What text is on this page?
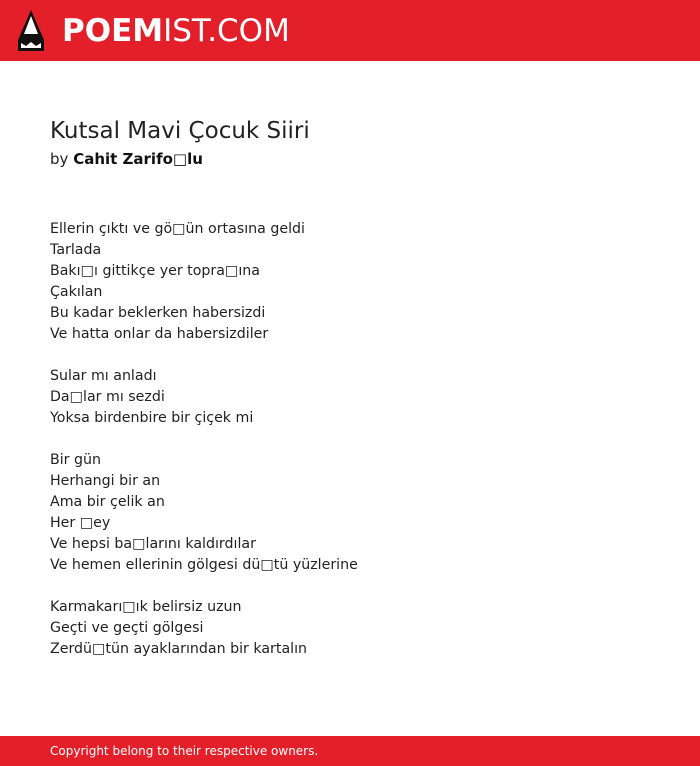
POEMIST.COM
Kutsal Mavi Çocuk Siiri
by Cahit Zarifo□lu
Ellerin çıktı ve gö□ün ortasına geldi
Tarlada
Bakı□ı gittikçe yer topra□ına
Çakılan
Bu kadar beklerken habersizdi
Ve hatta onlar da habersizdiler
Sular mı anladı
Da□lar mı sezdi
Yoksa birdenbire bir çiçek mi
Bir gün
Herhangi bir an
Ama bir çelik an
Her □ey
Ve hepsi ba□larını kaldırdılar
Ve hemen ellerinin gölgesi dü□tü yüzlerine
Karmakarı□ık belirsiz uzun
Geçti ve geçti gölgesi
Zerdü□tün ayaklarından bir kartalın
Copyright belong to their respective owners.
